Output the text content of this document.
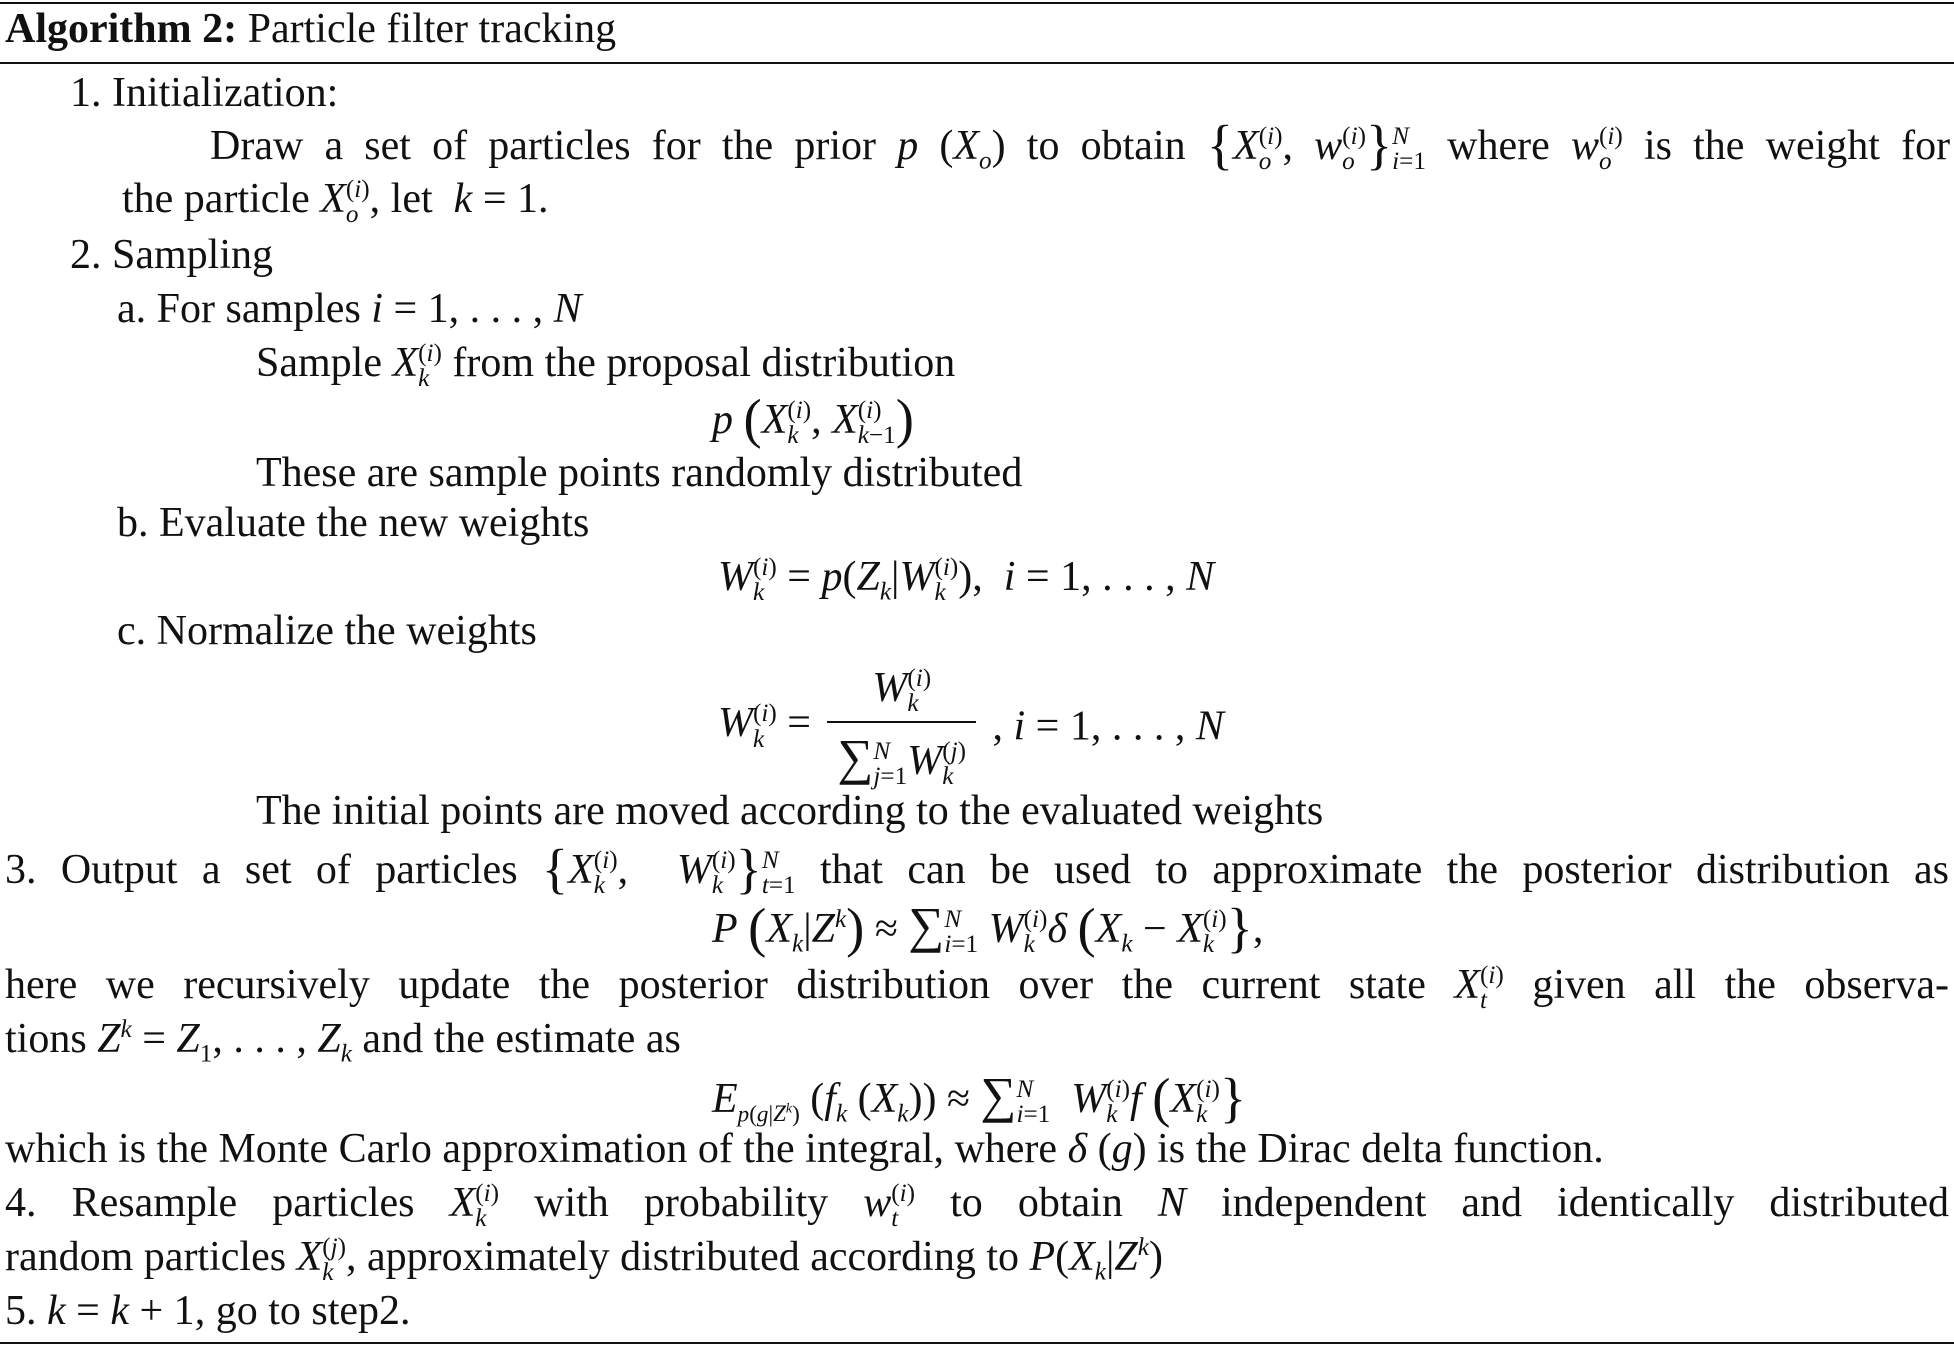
Algorithm 2: Particle filter tracking
1. Initialization:
Draw a set of particles for the prior p $(X_o)$ to obtain {X (i)
o , w (i)
o } N
i=1 where w (i)
o is the weight for
the particle X (i)
o , let k = 1.
2. Sampling
a. For samples i = 1, . . . , N
Sample X (i)
k from the proposal distribution
p (X (i)
k , X (i)
k−1 )
These are sample points randomly distributed
b. Evaluate the new weights
W (i)
$k = p(Z_k|W$ (i)
k ),  i = 1, . . . , N
c. Normalize the weights
W (i)
k = W (i)
k
∑ N
j=1 W (j)
k , i = 1, . . . , N
The initial points are moved according to the evaluated weights
3. Output a set of particles {X (i)
k ,  W (i)
k } N
t=1 that can be used to approximate the posterior distribution as
P $(X_k|Z^k)$ ≈ ∑ N
i=1 W (i)
k δ ($X_k - X$ (i)
k },
here we recursively update the posterior distribution over the current state X (i)
t	given all the observa-
tions $Z^k = Z_1$, . . . , $Z_k$ and the estimate as
$E_{p(g|Z^k)}$ ($f_k$ $(X_k)$) ≈ ∑ N
i=1 W (i)
k f (X (i)
k }
which is the Monte Carlo approximation of the integral, where δ (g) is the Dirac delta function.
4. Resample particles X (i)
k with probability w (i)
t	to obtain N independent and identically distributed
random particles X (j)
k , approximately distributed according to $P(X_k|Z^k)$
5. k = k + 1, go to step2.
